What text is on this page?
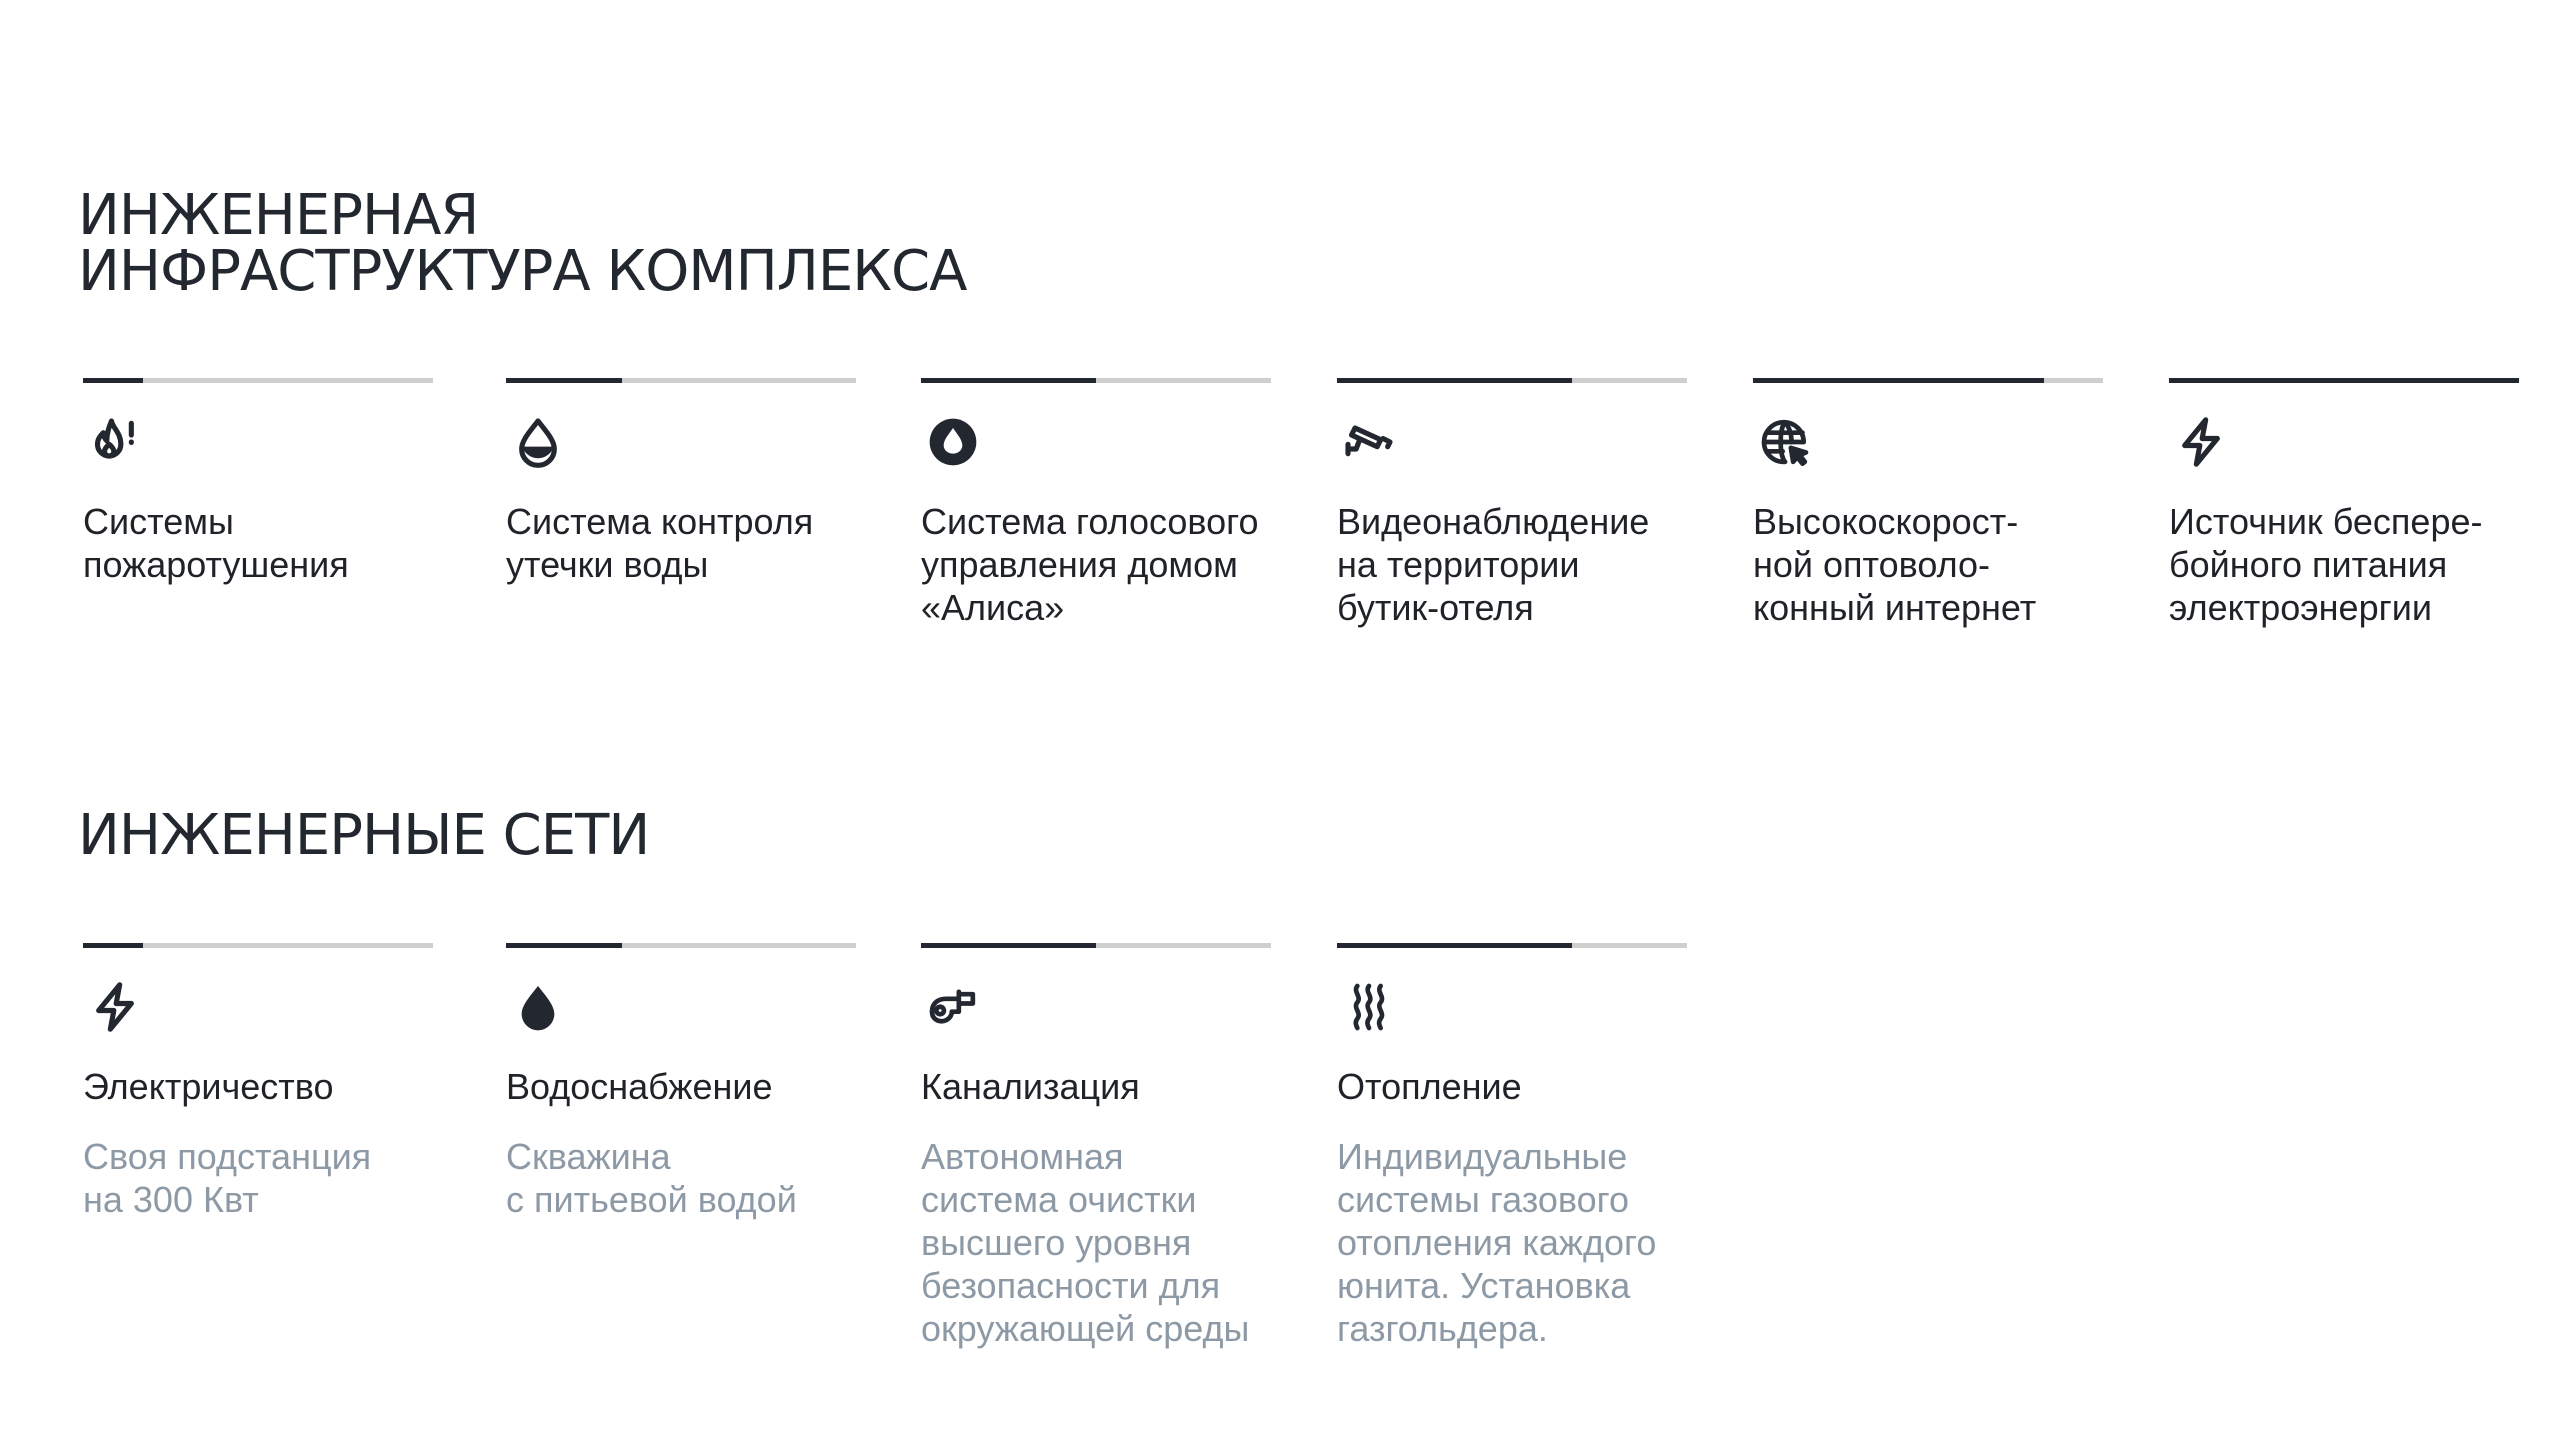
ИНЖЕНЕРНАЯ
ИНФРАСТРУКТУРА КОМПЛЕКСА
Системы
пожаротушения
Система контроля
утечки воды
Система голосового
управления домом
«Алиса»
Видеонаблюдение
на территории
бутик-отеля
Высокоскорост-
ной оптоволо-
конный интернет
Источник беспере-
бойного питания
электроэнергии
ИНЖЕНЕРНЫЕ СЕТИ
Электричество
Своя подстанция
на 300 Квт
Водоснабжение
Скважина
с питьевой водой
Канализация
Автономная
система очистки
высшего уровня
безопасности для
окружающей среды
Отопление
Индивидуальные
системы газового
отопления каждого
юнита. Установка
газгольдера.
